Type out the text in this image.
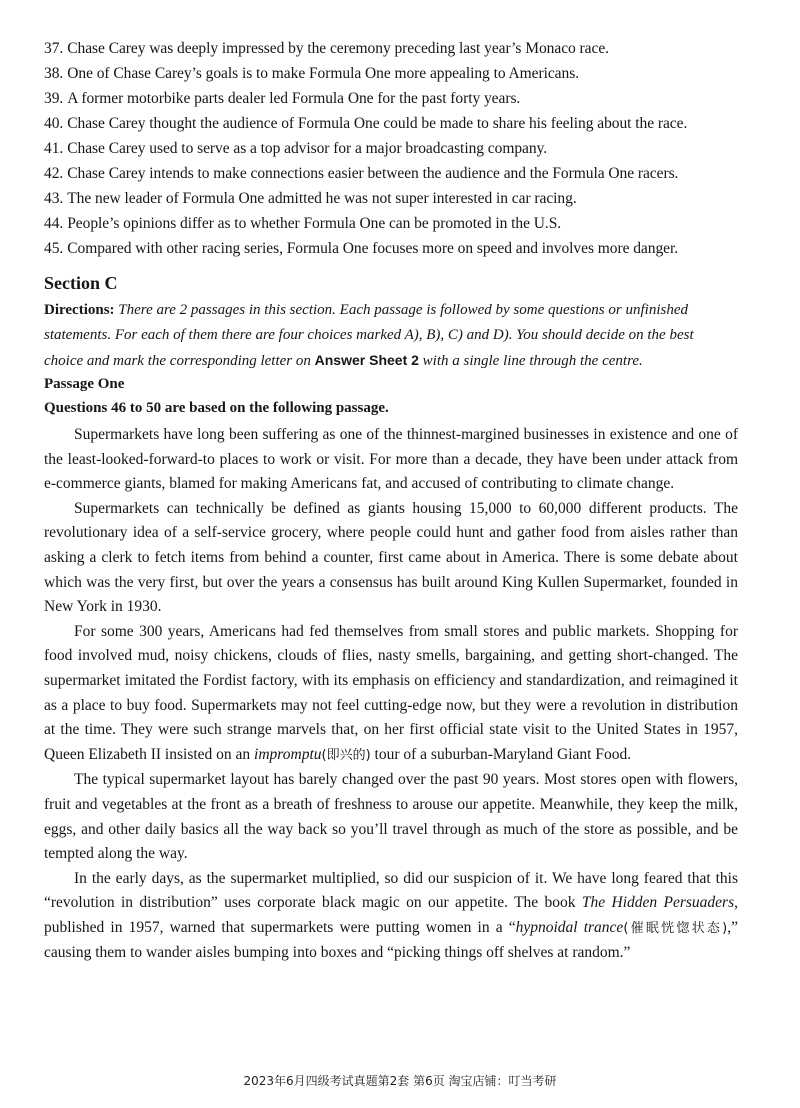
37. Chase Carey was deeply impressed by the ceremony preceding last year’s Monaco race.
38. One of Chase Carey’s goals is to make Formula One more appealing to Americans.
39. A former motorbike parts dealer led Formula One for the past forty years.
40. Chase Carey thought the audience of Formula One could be made to share his feeling about the race.
41. Chase Carey used to serve as a top advisor for a major broadcasting company.
42. Chase Carey intends to make connections easier between the audience and the Formula One racers.
43. The new leader of Formula One admitted he was not super interested in car racing.
44. People’s opinions differ as to whether Formula One can be promoted in the U.S.
45. Compared with other racing series, Formula One focuses more on speed and involves more danger.
Section C
Directions: There are 2 passages in this section. Each passage is followed by some questions or unfinished statements. For each of them there are four choices marked A), B), C) and D). You should decide on the best choice and mark the corresponding letter on Answer Sheet 2 with a single line through the centre.
Passage One
Questions 46 to 50 are based on the following passage.

Supermarkets have long been suffering as one of the thinnest-margined businesses in existence and one of the least-looked-forward-to places to work or visit. For more than a decade, they have been under attack from e-commerce giants, blamed for making Americans fat, and accused of contributing to climate change.

Supermarkets can technically be defined as giants housing 15,000 to 60,000 different products. The revolutionary idea of a self-service grocery, where people could hunt and gather food from aisles rather than asking a clerk to fetch items from behind a counter, first came about in America. There is some debate about which was the very first, but over the years a consensus has built around King Kullen Supermarket, founded in New York in 1930.

For some 300 years, Americans had fed themselves from small stores and public markets. Shopping for food involved mud, noisy chickens, clouds of flies, nasty smells, bargaining, and getting short-changed. The supermarket imitated the Fordist factory, with its emphasis on efficiency and standardization, and reimagined it as a place to buy food. Supermarkets may not feel cutting-edge now, but they were a revolution in distribution at the time. They were such strange marvels that, on her first official state visit to the United States in 1957, Queen Elizabeth II insisted on an impromptu(即兴的) tour of a suburban-Maryland Giant Food.

The typical supermarket layout has barely changed over the past 90 years. Most stores open with flowers, fruit and vegetables at the front as a breath of freshness to arouse our appetite. Meanwhile, they keep the milk, eggs, and other daily basics all the way back so you’ll travel through as much of the store as possible, and be tempted along the way.

In the early days, as the supermarket multiplied, so did our suspicion of it. We have long feared that this “revolution in distribution” uses corporate black magic on our appetite. The book The Hidden Persuaders, published in 1957, warned that supermarkets were putting women in a “hypnoidal trance(催眠恍惚状态),” causing them to wander aisles bumping into boxes and “picking things off shelves at random.”

2023年6月四级考试真题第2套 第6页 淘宝店铺：叮当考研
